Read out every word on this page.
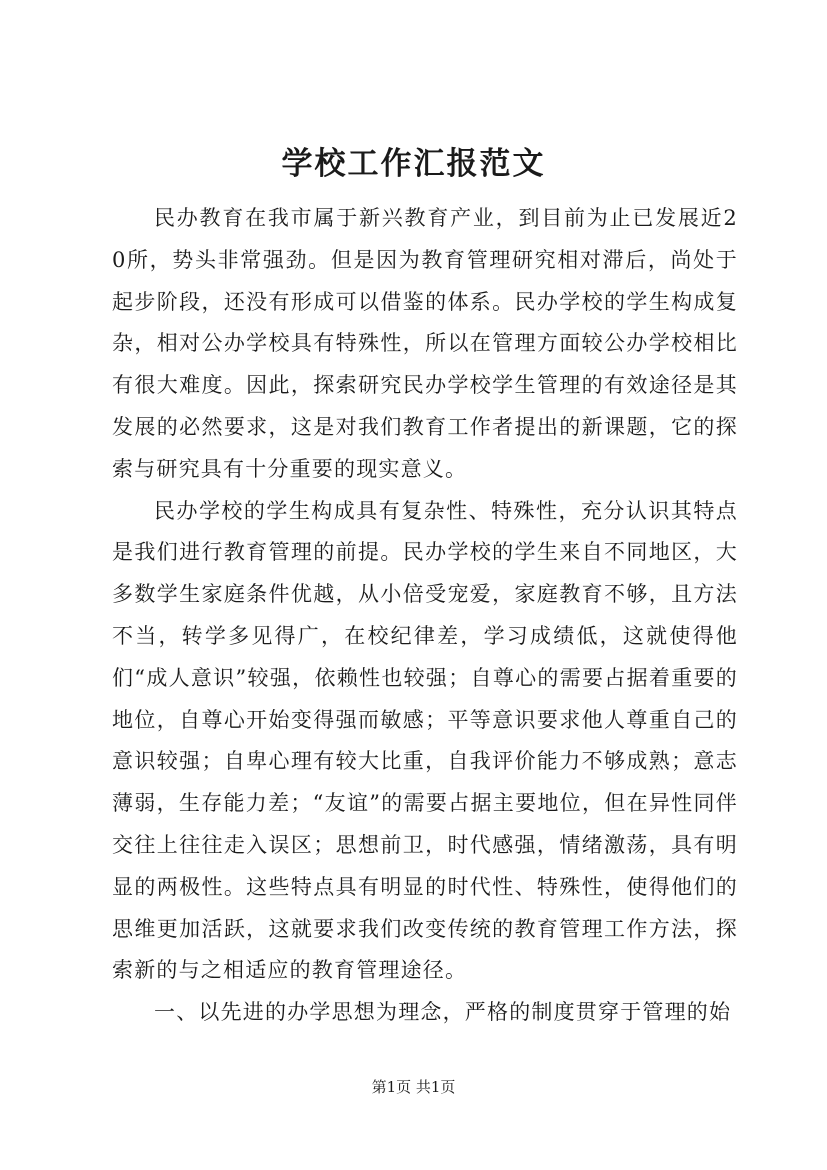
学校工作汇报范文

民办教育在我市属于新兴教育产业，到目前为止已发展近20所，势头非常强劲。但是因为教育管理研究相对滞后，尚处于起步阶段，还没有形成可以借鉴的体系。民办学校的学生构成复杂，相对公办学校具有特殊性，所以在管理方面较公办学校相比有很大难度。因此，探索研究民办学校学生管理的有效途径是其发展的必然要求，这是对我们教育工作者提出的新课题，它的探索与研究具有十分重要的现实意义。

民办学校的学生构成具有复杂性、特殊性，充分认识其特点是我们进行教育管理的前提。民办学校的学生来自不同地区，大多数学生家庭条件优越，从小倍受宠爱，家庭教育不够，且方法不当，转学多见得广，在校纪律差，学习成绩低，这就使得他们“成人意识”较强，依赖性也较强；自尊心的需要占据着重要的地位，自尊心开始变得强而敏感；平等意识要求他人尊重自己的意识较强；自卑心理有较大比重，自我评价能力不够成熟；意志薄弱，生存能力差；“友谊”的需要占据主要地位，但在异性同伴交往上往往走入误区；思想前卫，时代感强，情绪激荡，具有明显的两极性。这些特点具有明显的时代性、特殊性，使得他们的思维更加活跃，这就要求我们改变传统的教育管理工作方法，探索新的与之相适应的教育管理途径。

一、以先进的办学思想为理念，严格的制度贯穿于管理的始

第1页 共1页
